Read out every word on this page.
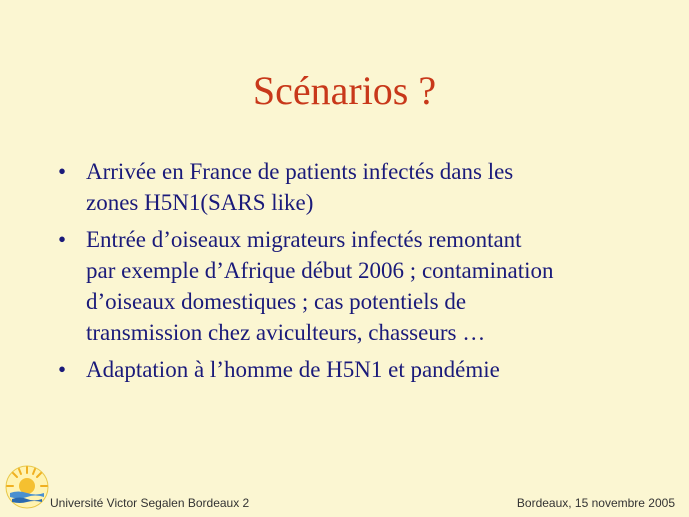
Scénarios ?
• Arrivée en France de patients infectés dans les
zones H5N1(SARS like)
• Entrée d’oiseaux migrateurs infectés remontant
par exemple d’Afrique début 2006 ; contamination
d’oiseaux domestiques ; cas potentiels de
transmission chez aviculteurs, chasseurs …
• Adaptation à l’homme de H5N1 et pandémie
Université Victor Segalen Bordeaux 2	Bordeaux, 15 novembre 2005
